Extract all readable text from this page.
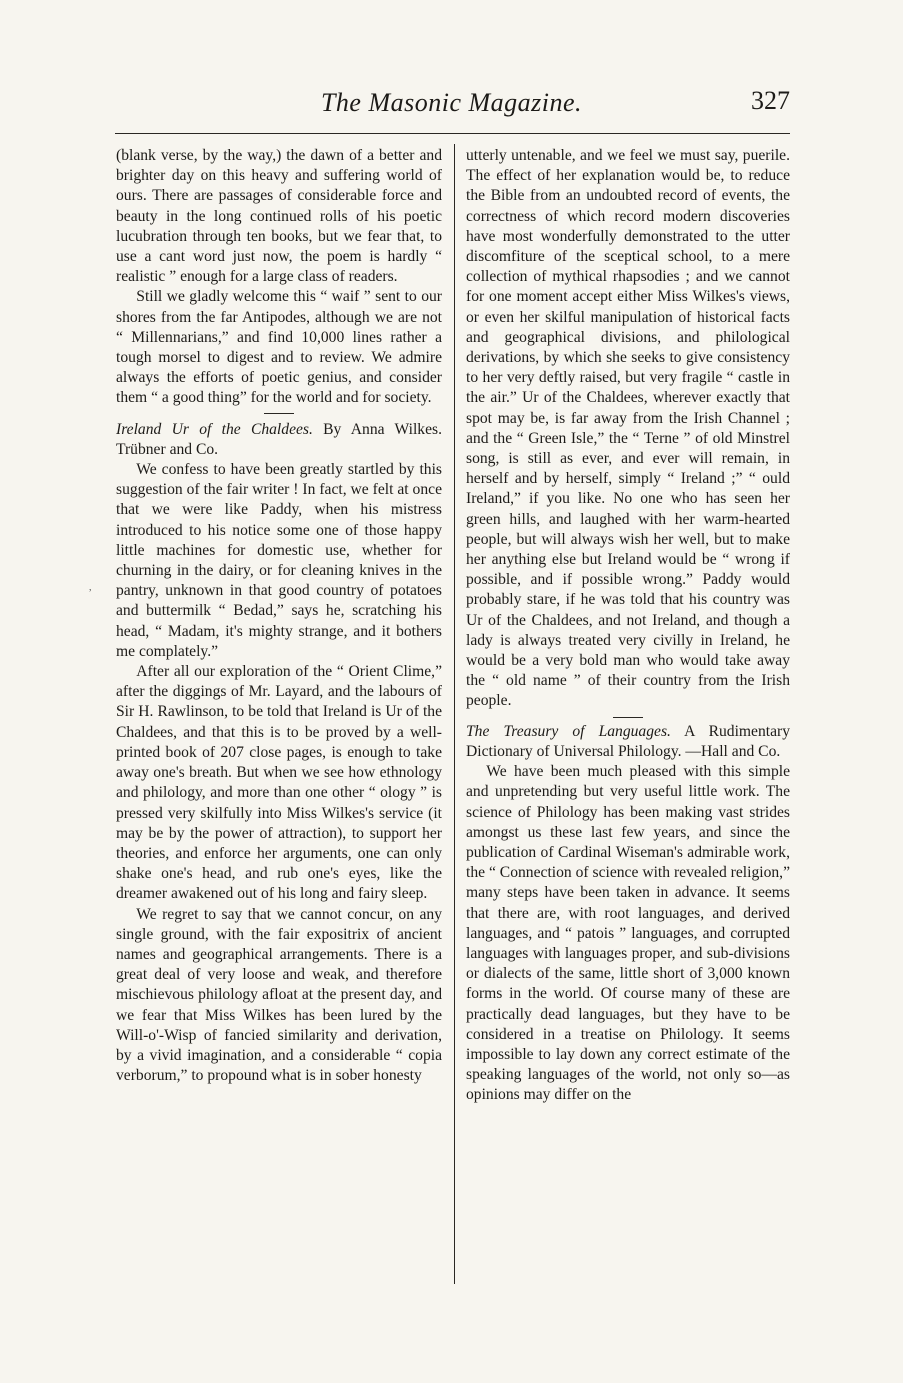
The Masonic Magazine.	327
,

(blank verse, by the way,) the dawn of a better and brighter day on this heavy and suffering world of ours. There are passages of considerable force and beauty in the long continued rolls of his poetic lucubration through ten books, but we fear that, to use a cant word just now, the poem is hardly “ realistic ” enough for a large class of readers.

Still we gladly welcome this “ waif ” sent to our shores from the far Antipodes, although we are not “ Millennarians,” and find 10,000 lines rather a tough morsel to digest and to review. We admire always the efforts of poetic genius, and consider them “ a good thing” for the world and for society.

Ireland Ur of the Chaldees. By Anna Wilkes. Trübner and Co.

We confess to have been greatly startled by this suggestion of the fair writer ! In fact, we felt at once that we were like Paddy, when his mistress introduced to his notice some one of those happy little machines for domestic use, whether for churning in the dairy, or for cleaning knives in the pantry, unknown in that good country of potatoes and buttermilk “ Bedad,” says he, scratching his head, “ Madam, it's mighty strange, and it bothers me complately.”

After all our exploration of the “ Orient Clime,” after the diggings of Mr. Layard, and the labours of Sir H. Rawlinson, to be told that Ireland is Ur of the Chaldees, and that this is to be proved by a well-printed book of 207 close pages, is enough to take away one's breath. But when we see how ethnology and philology, and more than one other “ ology ” is pressed very skilfully into Miss Wilkes's service (it may be by the power of attraction), to support her theories, and enforce her arguments, one can only shake one's head, and rub one's eyes, like the dreamer awakened out of his long and fairy sleep.

We regret to say that we cannot concur, on any single ground, with the fair expositrix of ancient names and geographical arrangements. There is a great deal of very loose and weak, and therefore mischievous philology afloat at the present day, and we fear that Miss Wilkes has been lured by the Will-o'-Wisp of fancied similarity and derivation, by a vivid imagination, and a considerable “ copia verborum,” to propound what is in sober honesty

utterly untenable, and we feel we must say, puerile. The effect of her explanation would be, to reduce the Bible from an undoubted record of events, the correctness of which record modern discoveries have most wonderfully demonstrated to the utter discomfiture of the sceptical school, to a mere collection of mythical rhapsodies ; and we cannot for one moment accept either Miss Wilkes's views, or even her skilful manipulation of historical facts and geographical divisions, and philological derivations, by which she seeks to give consistency to her very deftly raised, but very fragile “ castle in the air.” Ur of the Chaldees, wherever exactly that spot may be, is far away from the Irish Channel ; and the “ Green Isle,” the “ Terne ” of old Minstrel song, is still as ever, and ever will remain, in herself and by herself, simply “ Ireland ;” “ ould Ireland,” if you like. No one who has seen her green hills, and laughed with her warm-hearted people, but will always wish her well, but to make her anything else but Ireland would be “ wrong if possible, and if possible wrong.” Paddy would probably stare, if he was told that his country was Ur of the Chaldees, and not Ireland, and though a lady is always treated very civilly in Ireland, he would be a very bold man who would take away the “ old name ” of their country from the Irish people.

The Treasury of Languages. A Rudimentary Dictionary of Universal Philology. —Hall and Co.

We have been much pleased with this simple and unpretending but very useful little work. The science of Philology has been making vast strides amongst us these last few years, and since the publication of Cardinal Wiseman's admirable work, the “ Connection of science with revealed religion,” many steps have been taken in advance. It seems that there are, with root languages, and derived languages, and “ patois ” languages, and corrupted languages with languages proper, and sub-divisions or dialects of the same, little short of 3,000 known forms in the world. Of course many of these are practically dead languages, but they have to be considered in a treatise on Philology. It seems impossible to lay down any correct estimate of the speaking languages of the world, not only so—as opinions may differ on the
